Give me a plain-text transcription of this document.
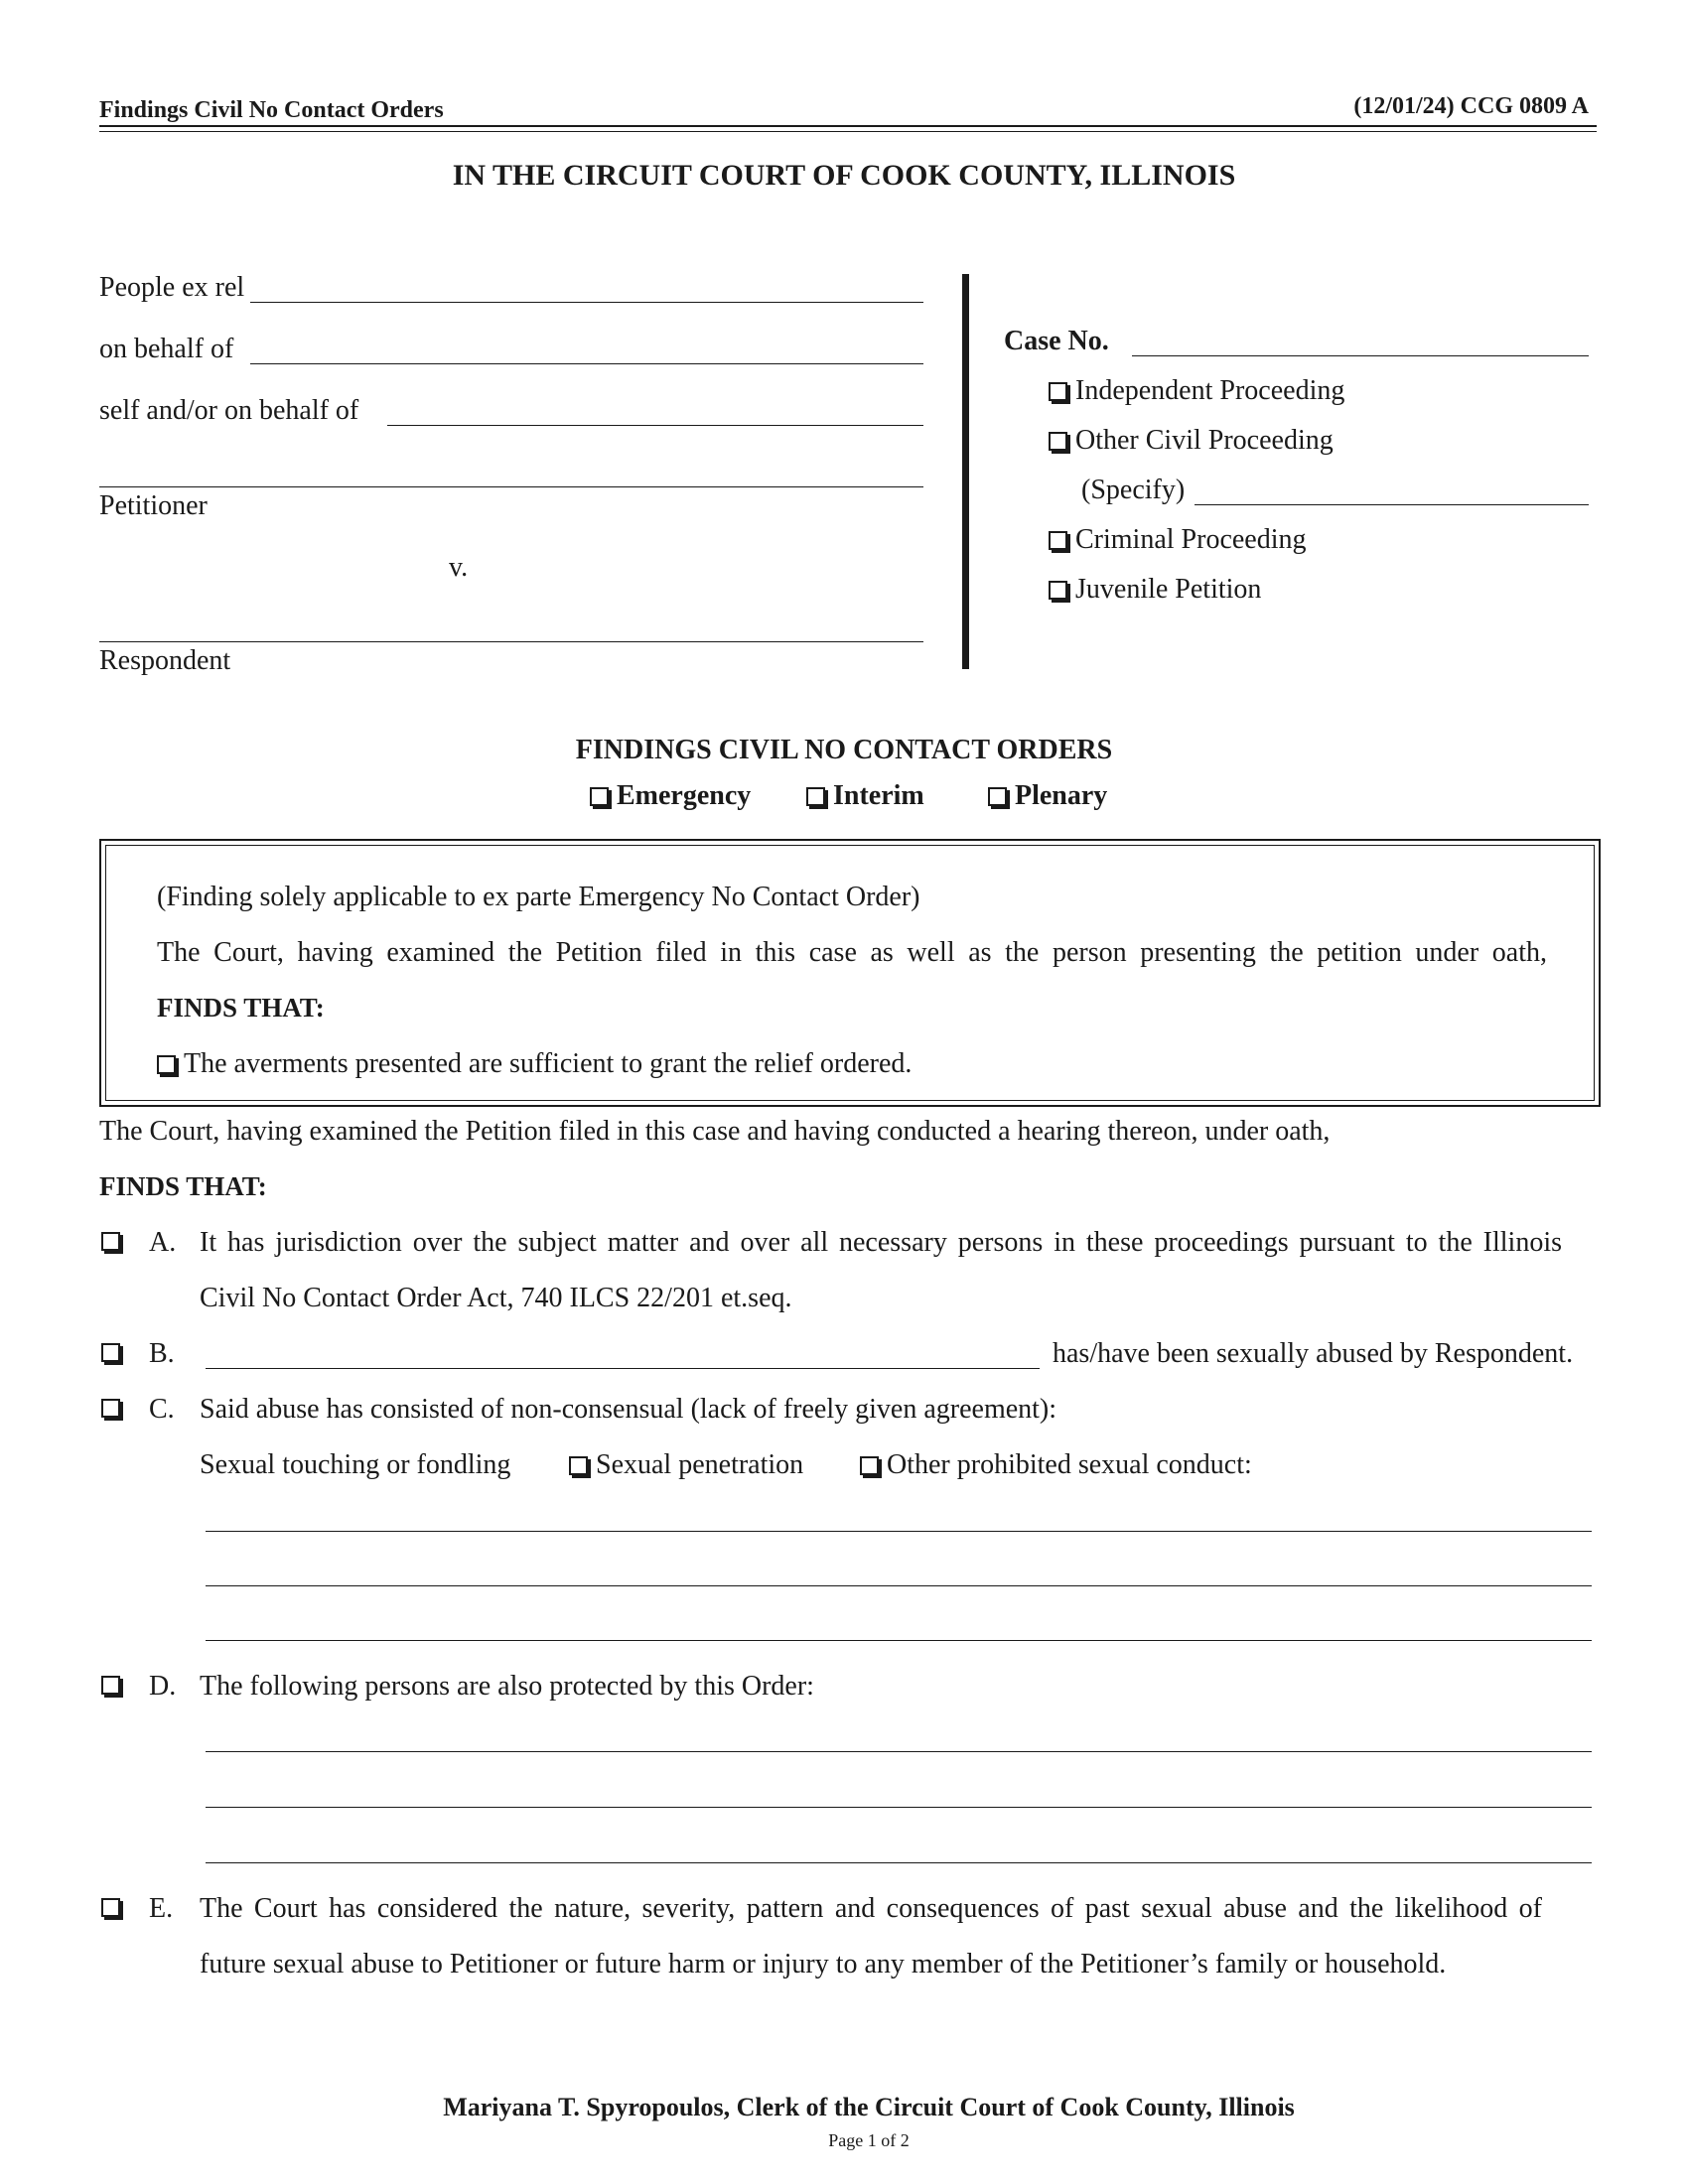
Findings Civil No Contact Orders	(12/01/24) CCG 0809 A
IN THE CIRCUIT COURT OF COOK COUNTY, ILLINOIS
People ex rel
on behalf of
self and/or on behalf of
Petitioner
v.
Respondent
Case No.
Independent Proceeding
Other Civil Proceeding
(Specify)
Criminal Proceeding
Juvenile Petition
FINDINGS CIVIL NO CONTACT ORDERS
Emergency	Interim	Plenary
(Finding solely applicable to ex parte Emergency No Contact Order)
The Court, having examined the Petition filed in this case as well as the person presenting the petition under oath,
FINDS THAT:
The averments presented are sufficient to grant the relief ordered.
The Court, having examined the Petition filed in this case and having conducted a hearing thereon, under oath,
FINDS THAT:
A. It has jurisdiction over the subject matter and over all necessary persons in these proceedings pursuant to the Illinois
Civil No Contact Order Act, 740 ILCS 22/201 et.seq.
B.	has/have been sexually abused by Respondent.
C. Said abuse has consisted of non-consensual (lack of freely given agreement):
Sexual touching or fondling	Sexual penetration	Other prohibited sexual conduct:
D. The following persons are also protected by this Order:
E. The Court has considered the nature, severity, pattern and consequences of past sexual abuse and the likelihood of
future sexual abuse to Petitioner or future harm or injury to any member of the Petitioner’s family or household.
Mariyana T. Spyropoulos, Clerk of the Circuit Court of Cook County, Illinois
Page 1 of 2
